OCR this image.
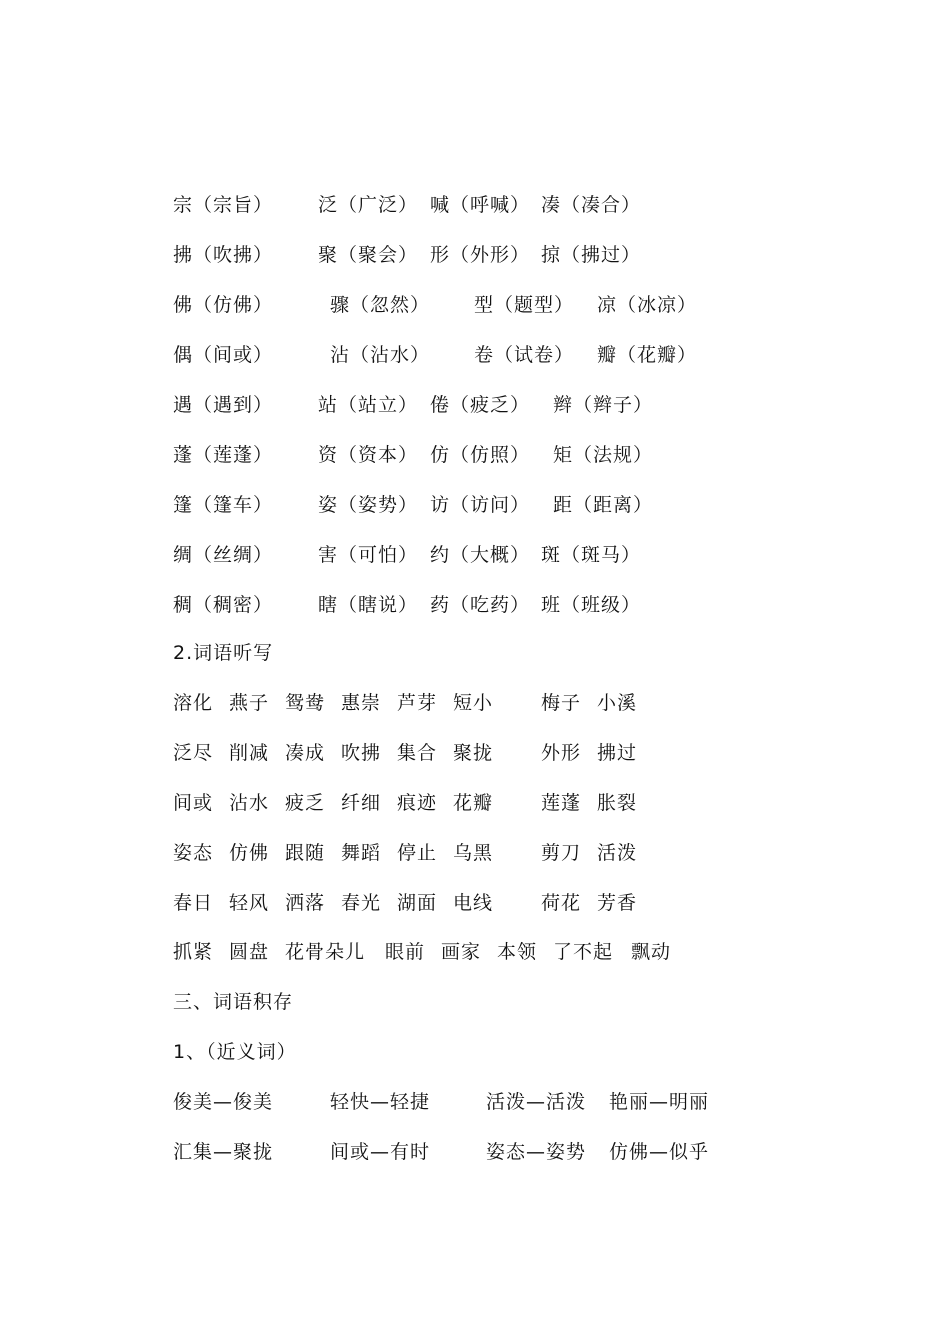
宗（宗旨） 泛（广泛） 喊（呼喊） 凑（凑合）
拂（吹拂） 聚（聚会） 形（外形） 掠（拂过）
佛（仿佛）	骤（忽然） 型（题型） 凉（冰凉）
偶（间或）	沾（沾水） 卷（试卷） 瓣（花瓣）
遇（遇到） 站（站立） 倦（疲乏） 辫（辫子）
蓬（莲蓬） 资（资本） 仿（仿照） 矩（法规）
篷（篷车） 姿（姿势） 访（访问） 距（距离）
绸（丝绸） 害（可怕） 约（大概） 斑（斑马）
稠（稠密） 瞎（瞎说） 药（吃药） 班（班级）
2.词语听写
溶化 燕子 鸳鸯 惠崇 芦芽 短小	梅子 小溪
泛尽 削减 凑成 吹拂 集合 聚拢	外形 拂过
间或 沾水 疲乏 纤细 痕迹 花瓣	莲蓬 胀裂
姿态 仿佛 跟随 舞蹈 停止 乌黑	剪刀 活泼
春日 轻风 洒落 春光 湖面 电线	荷花 芳香
抓紧 圆盘 花骨朵儿 眼前 画家 本领 了不起 飘动
三、词语积存
1、（近义词）
俊美—俊美	轻快—轻捷	活泼—活泼 艳丽—明丽
汇集—聚拢	间或—有时	姿态—姿势 仿佛—似乎
